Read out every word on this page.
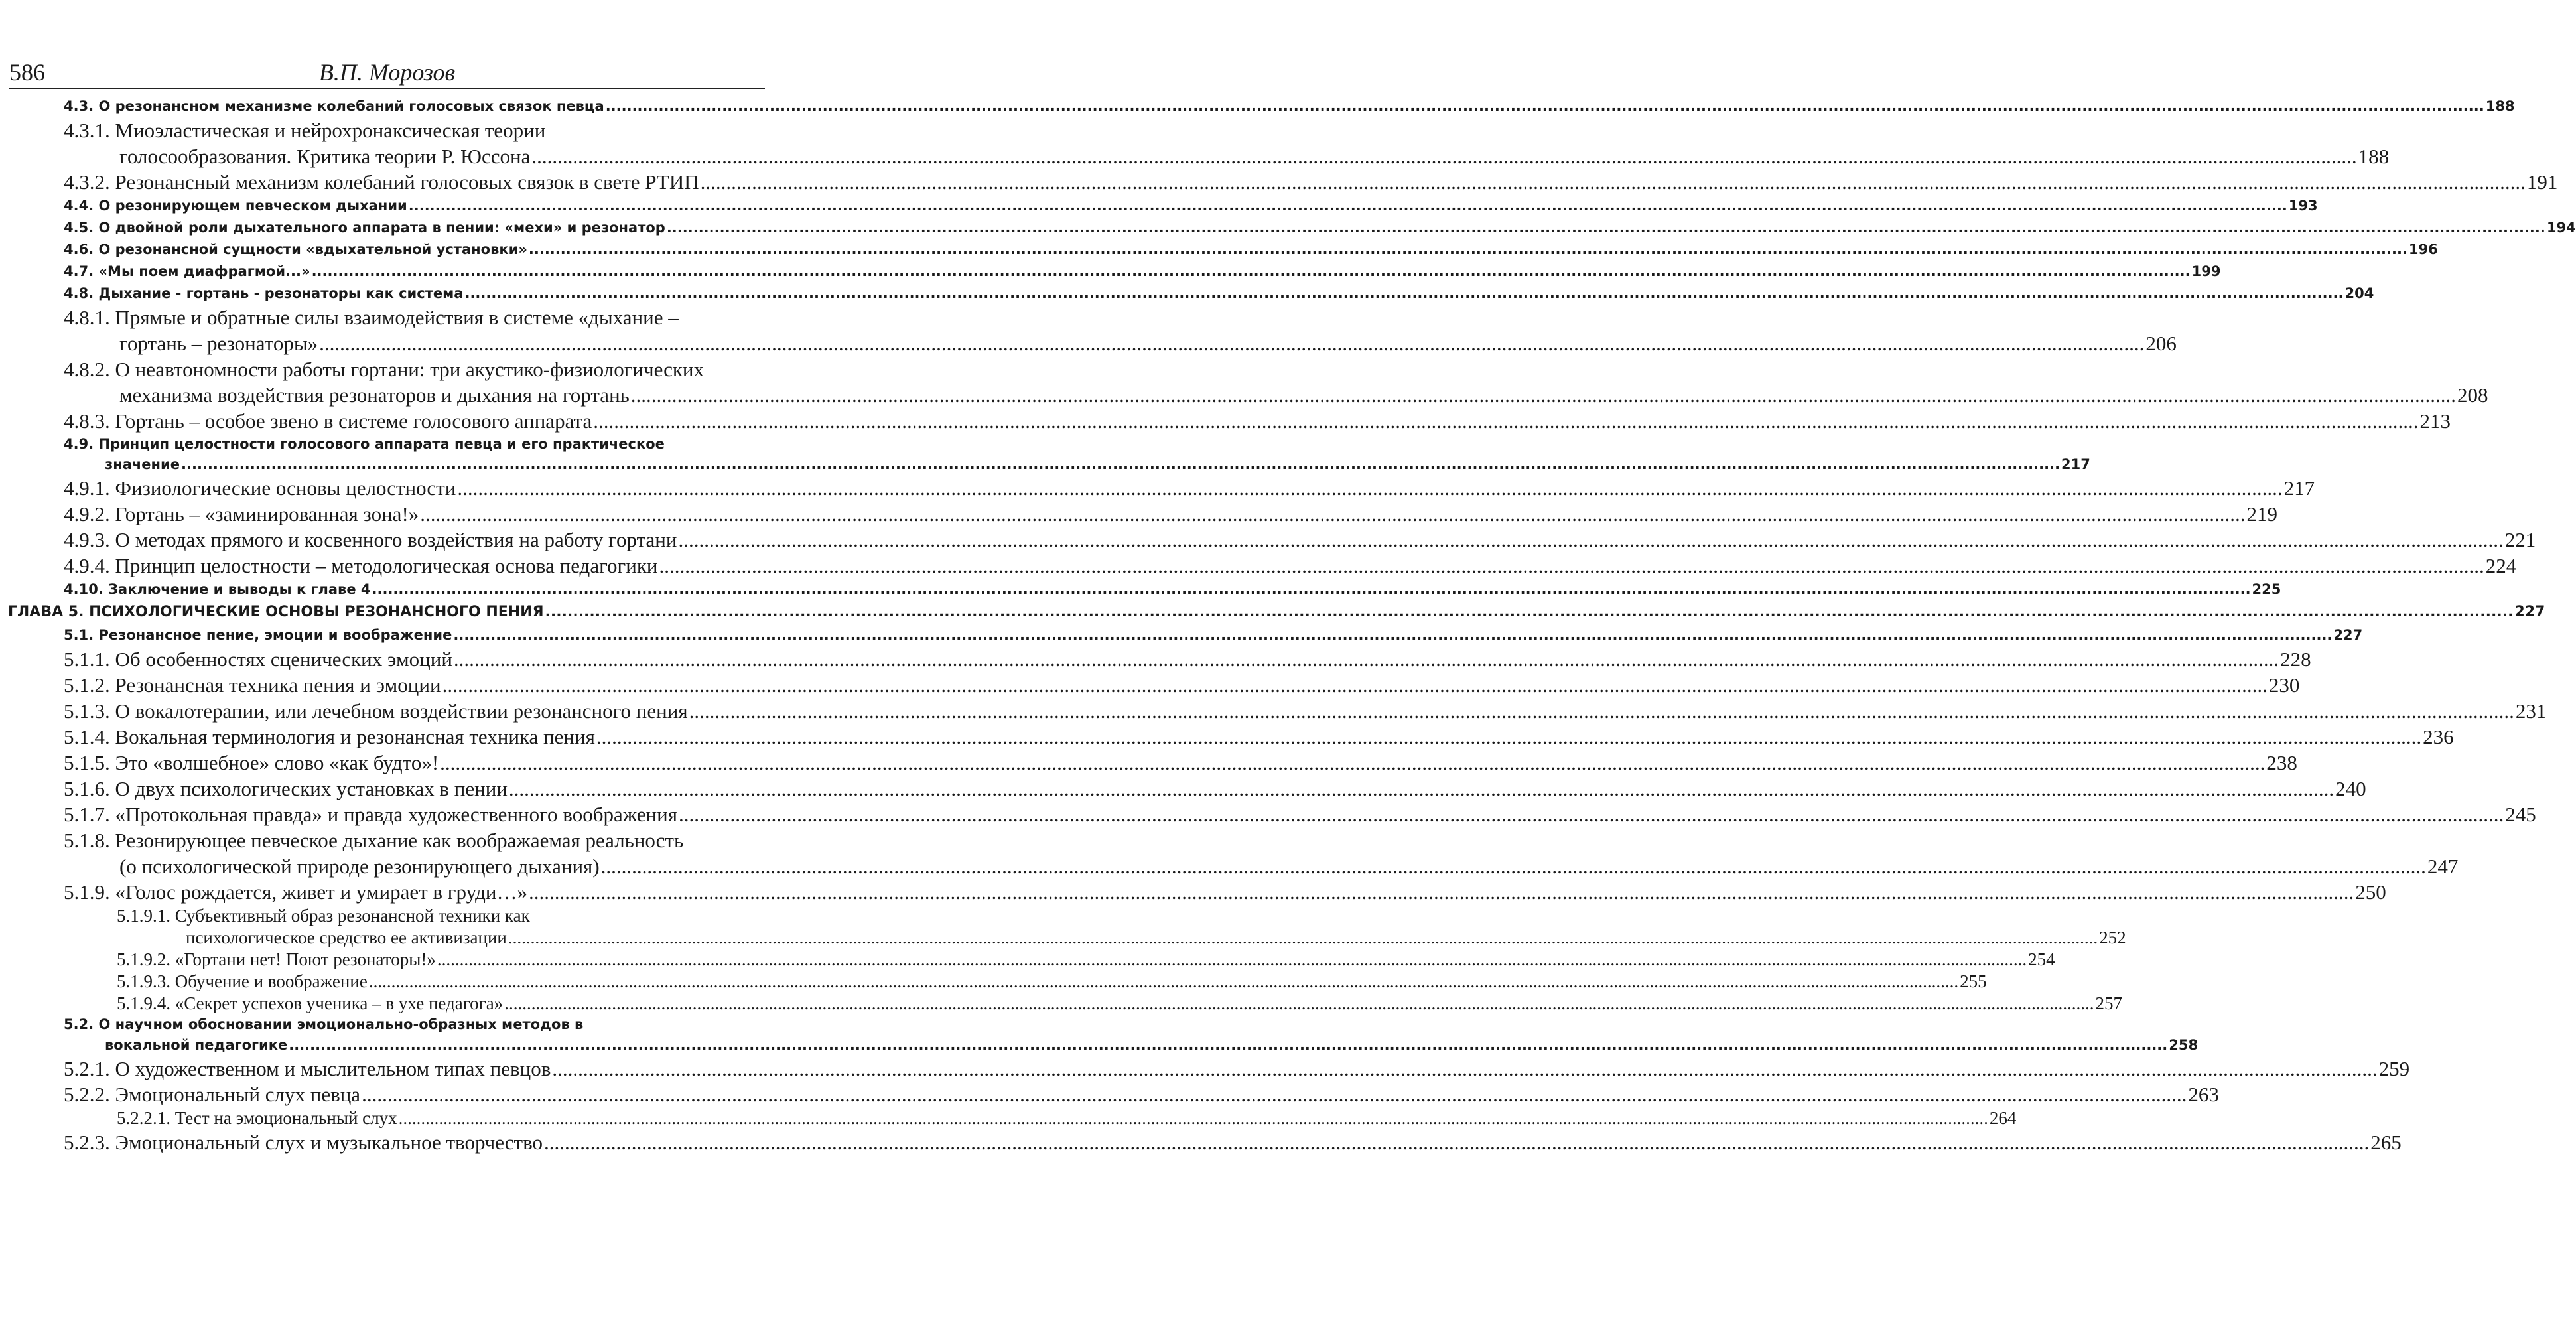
586	В.П. Морозов
4.3. О резонансном механизме колебаний голосовых связок певца .....	188
4.3.1. Миоэластическая и нейрохронаксическая теории
голосообразования. Критика теории Р. Юссона .....	188
4.3.2. Резонансный механизм колебаний голосовых связок в свете РТИП .....	191
4.4. О резонирующем певческом дыхании .....	193
4.5. О двойной роли дыхательного аппарата в пении: «мехи» и резонатор .....	194
4.6. О резонансной сущности «вдыхательной установки» .....	196
4.7. «Мы поем диафрагмой...» .....	199
4.8. Дыхание - гортань - резонаторы как система .....	204
4.8.1. Прямые и обратные силы взаимодействия в системе «дыхание –
гортань – резонаторы» .....	206
4.8.2. О неавтономности работы гортани: три акустико-физиологических
механизма воздействия резонаторов и дыхания на гортань .....	208
4.8.3. Гортань – особое звено в системе голосового аппарата .....	213
4.9. Принцип целостности голосового аппарата певца и его практическое
значение .....	217
4.9.1. Физиологические основы целостности .....	217
4.9.2. Гортань – «заминированная зона!» .....	219
4.9.3. О методах прямого и косвенного воздействия на работу гортани .....	221
4.9.4. Принцип целостности – методологическая основа педагогики .....	224
4.10. Заключение и выводы к главе 4 .....	225
ГЛАВА 5. ПСИХОЛОГИЧЕСКИЕ ОСНОВЫ РЕЗОНАНСНОГО ПЕНИЯ .....	227
5.1. Резонансное пение, эмоции и воображение .....	227
5.1.1. Об особенностях сценических эмоций .....	228
5.1.2. Резонансная техника пения и эмоции .....	230
5.1.3. О вокалотерапии, или лечебном воздействии резонансного пения .....	231
5.1.4. Вокальная терминология и резонансная техника пения .....	236
5.1.5. Это «волшебное» слово «как будто»! .....	238
5.1.6. О двух психологических установках в пении .....	240
5.1.7. «Протокольная правда» и правда художественного воображения .....	245
5.1.8. Резонирующее певческое дыхание как воображаемая реальность
(о психологической природе резонирующего дыхания) .....	247
5.1.9. «Голос рождается, живет и умирает в груди…» .....	250
5.1.9.1. Субъективный образ резонансной техники как
психологическое средство ее активизации .....	252
5.1.9.2. «Гортани нет! Поют резонаторы!» .....	254
5.1.9.3. Обучение и воображение .....	255
5.1.9.4. «Секрет успехов ученика – в ухе педагога» .....	257
5.2. О научном обосновании эмоционально-образных методов в
вокальной педагогике .....	258
5.2.1. О художественном и мыслительном типах певцов .....	259
5.2.2. Эмоциональный слух певца .....	263
5.2.2.1. Тест на эмоциональный слух .....	264
5.2.3. Эмоциональный слух и музыкальное творчество .....	265
